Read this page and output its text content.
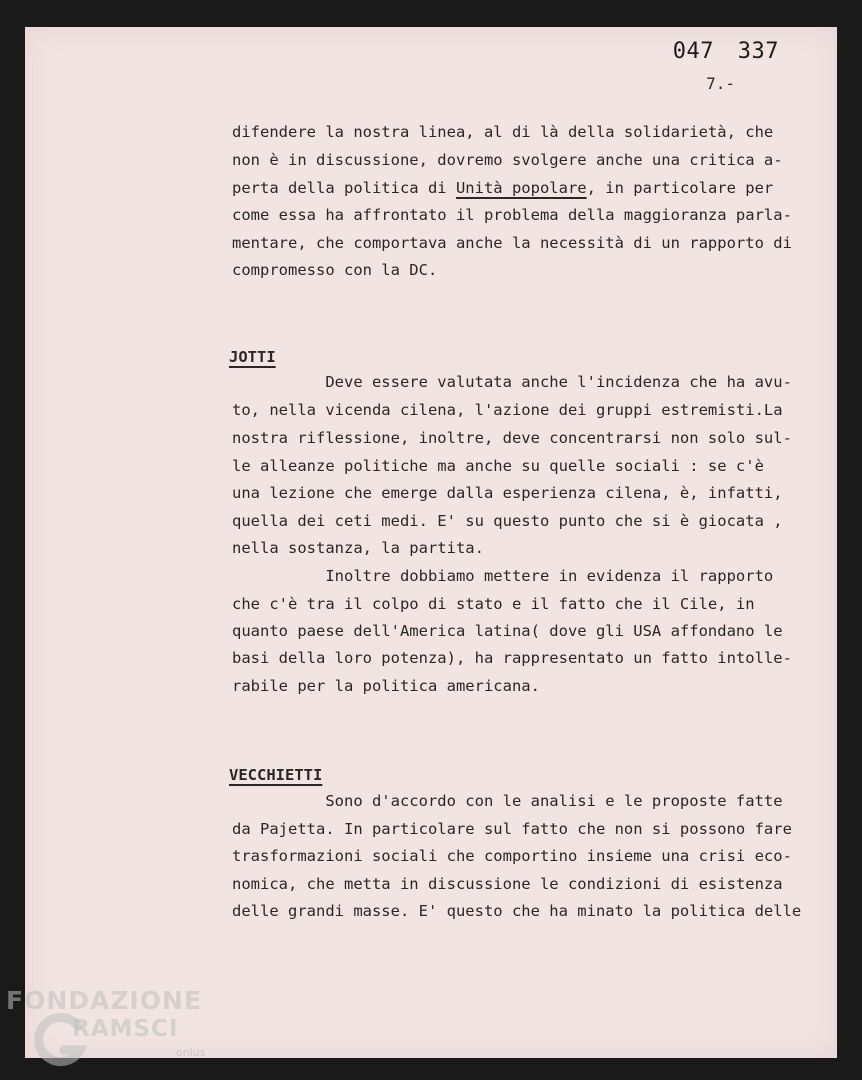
047 337
7.-
difendere la nostra linea, al di là della solidarietà, che
non è in discussione, dovremo svolgere anche una critica a-
perta della politica di Unità popolare, in particolare per
come essa ha affrontato il problema della maggioranza parla-
mentare, che comportava anche la necessità di un rapporto di
compromesso con la DC.
JOTTI
Deve essere valutata anche l'incidenza che ha avu-
to, nella vicenda cilena, l'azione dei gruppi estremisti.La
nostra riflessione, inoltre, deve concentrarsi non solo sul-
le alleanze politiche ma anche su quelle sociali : se c'è
una lezione che emerge dalla esperienza cilena, è, infatti,
quella dei ceti medi. E' su questo punto che si è giocata ,
nella sostanza, la partita.
Inoltre dobbiamo mettere in evidenza il rapporto
che c'è tra il colpo di stato e il fatto che il Cile, in
quanto paese dell'America latina( dove gli USA affondano le
basi della loro potenza), ha rappresentato un fatto intolle-
rabile per la politica americana.
VECCHIETTI
Sono d'accordo con le analisi e le proposte fatte
da Pajetta. In particolare sul fatto che non si possono fare
trasformazioni sociali che comportino insieme una crisi eco-
nomica, che metta in discussione le condizioni di esistenza
delle grandi masse. E' questo che ha minato la politica delle
FONDAZIONE
RAMSCI
onlus
